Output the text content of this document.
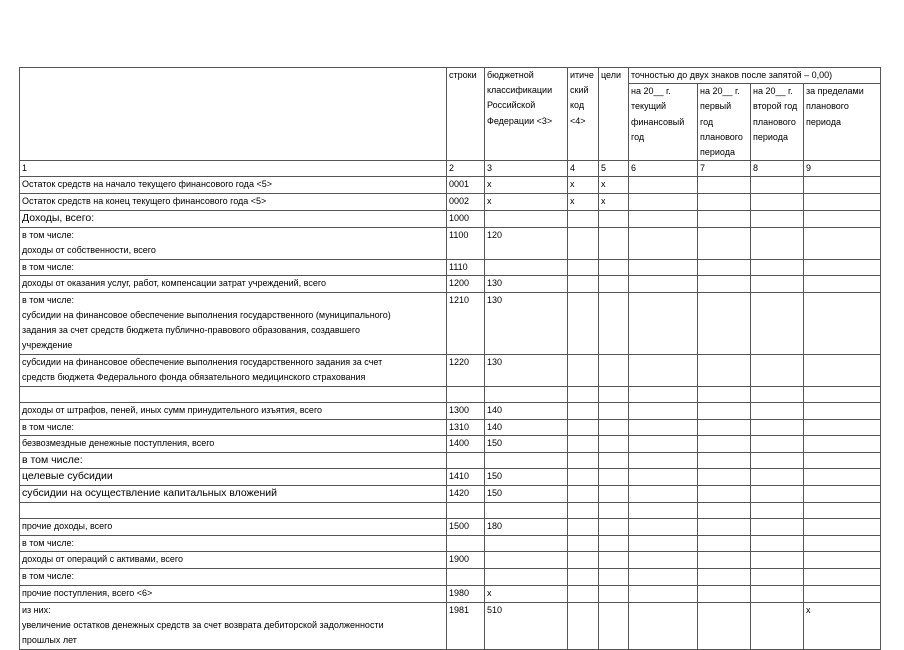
	строки	бюджетной
классификации
Российской
Федерации <3>	итиче
ский
код
<4>	цели	точностью до двух знаков после запятой – 0,00)			

					на 20__ г.
текущий
финансовый
год	на 20__ г.
первый
год
планового
периода	на 20__ г.
второй год
планового
периода	за пределами
планового
периода

1	2	3	4	5	6	7	8	9

Остаток средств на начало текущего финансового года <5>	0001	х	х	х				

Остаток средств на конец текущего финансового года <5>	0002	х	х	х				

Доходы, всего:	1000							

в том числе:
доходы от собственности, всего	1100	120						

в том числе:	1110							

доходы от оказания услуг, работ, компенсации затрат учреждений, всего	1200	130						

в том числе:
субсидии на финансовое обеспечение выполнения государственного (муниципального)
задания за счет средств бюджета публично-правового образования, создавшего
учреждение	1210	130						

субсидии на финансовое обеспечение выполнения государственного задания за счет
средств бюджета Федерального фонда обязательного медицинского страхования	1220	130						

доходы от штрафов, пеней, иных сумм принудительного изъятия, всего	1300	140						

в том числе:	1310	140						

безвозмездные денежные поступления, всего	1400	150						

в том числе:								

целевые субсидии	1410	150						

субсидии на осуществление капитальных вложений	1420	150						

прочие доходы, всего	1500	180						

в том числе:								

доходы от операций с активами, всего	1900							

в том числе:								

прочие поступления, всего <6>	1980	х						

из них:
увеличение остатков денежных средств за счет возврата дебиторской задолженности
прошлых лет	1981	510						х
